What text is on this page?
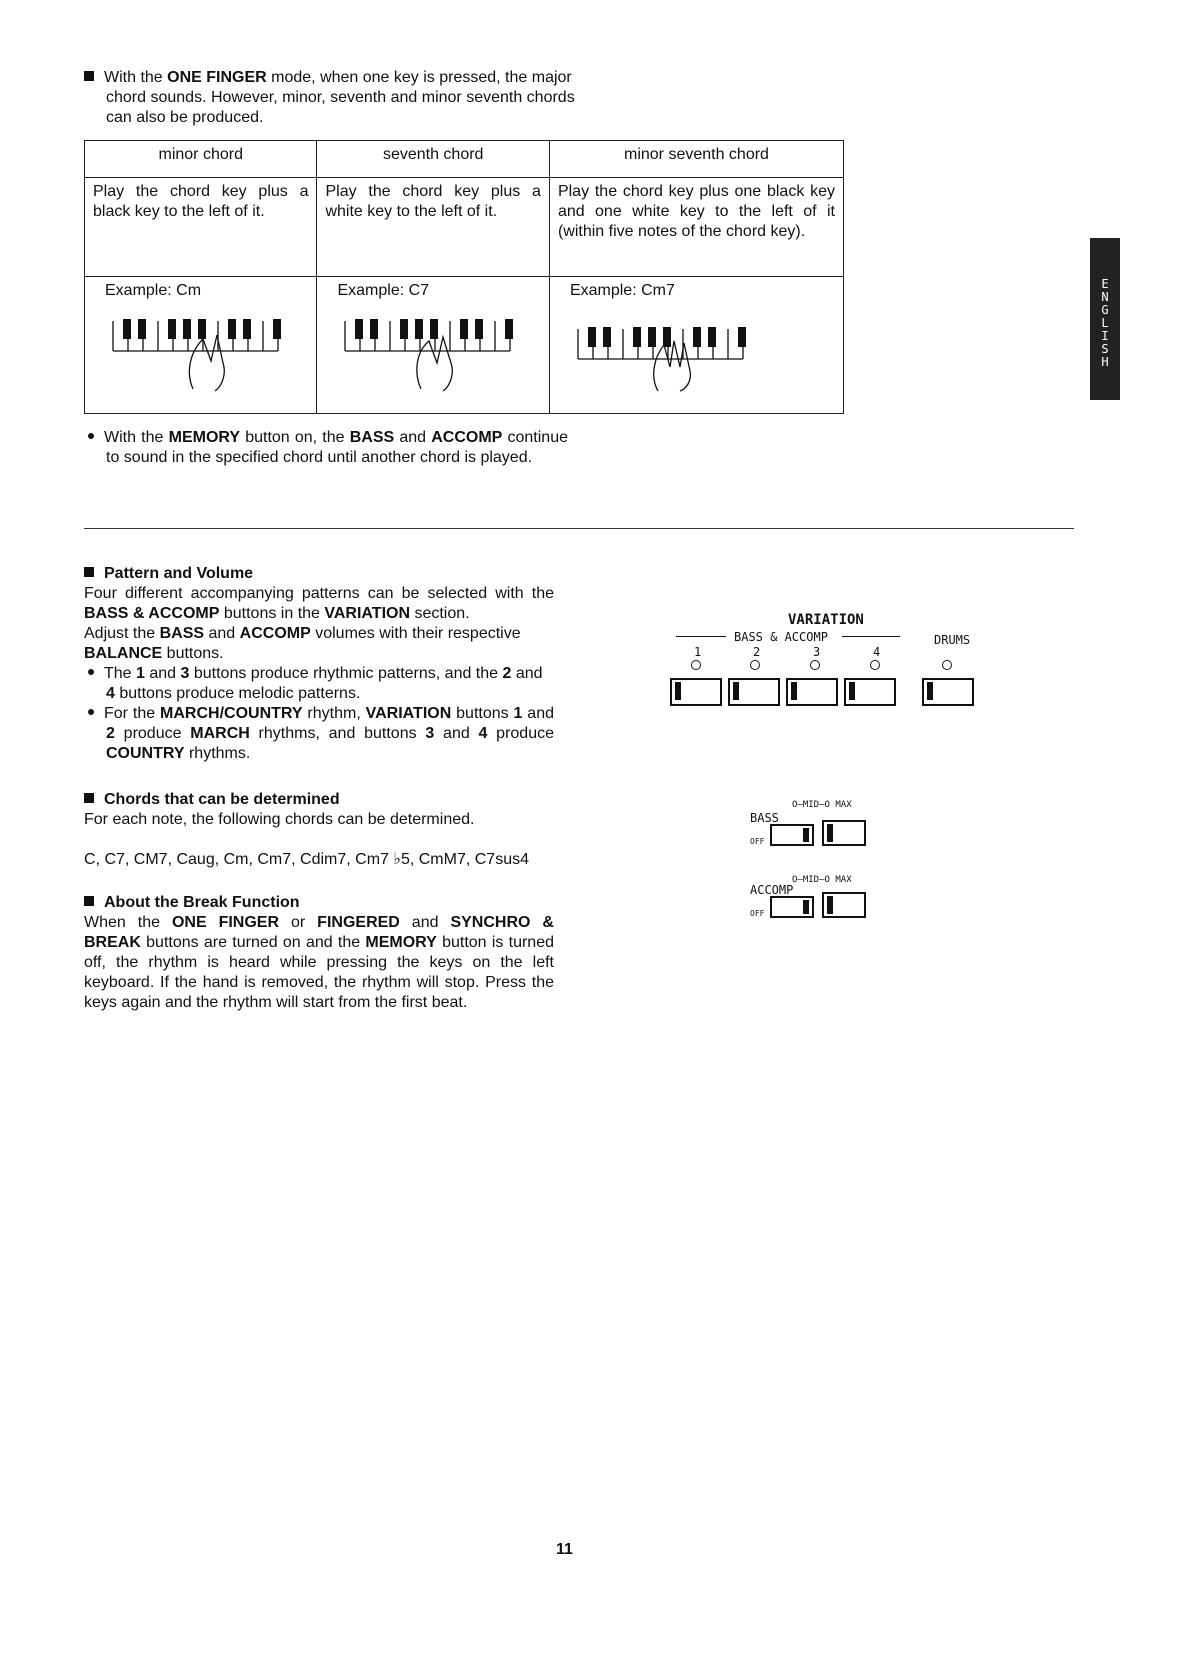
With the ONE FINGER mode, when one key is pressed, the major chord sounds. However, minor, seventh and minor seventh chords can also be produced.
minor chord	seventh chord	minor seventh chord
Play the chord key plus a black key to the left of it.	Play the chord key plus a white key to the left of it.	Play the chord key plus one black key and one white key to the left of it (within five notes of the chord key).

Example: Cm	Example: C7	Example: Cm7
With the MEMORY button on, the BASS and ACCOMP continue to sound in the specified chord until another chord is played.
E
N
G
L
I
S
H
Pattern and Volume
Four different accompanying patterns can be selected with the BASS & ACCOMP buttons in the VARIATION section.
Adjust the BASS and ACCOMP volumes with their respective BALANCE buttons.
The 1 and 3 buttons produce rhythmic patterns, and the 2 and 4 buttons produce melodic patterns.
For the MARCH/COUNTRY rhythm, VARIATION buttons 1 and 2 produce MARCH rhythms, and buttons 3 and 4 produce COUNTRY rhythms.
Chords that can be determined
For each note, the following chords can be determined.
C, C7, CM7, Caug, Cm, Cm7, Cdim7, Cm7 ♭5, CmM7, C7sus4
About the Break Function
When the ONE FINGER or FINGERED and SYNCHRO & BREAK buttons are turned on and the MEMORY button is turned off, the rhythm is heard while pressing the keys on the left keyboard. If the hand is removed, the rhythm will stop. Press the keys again and the rhythm will start from the first beat.
VARIATION
BASS & ACCOMP	DRUMS
1	2	3	4
O—MID—O MAX
BASS
OFF
O—MID—O MAX
ACCOMP
OFF
11
